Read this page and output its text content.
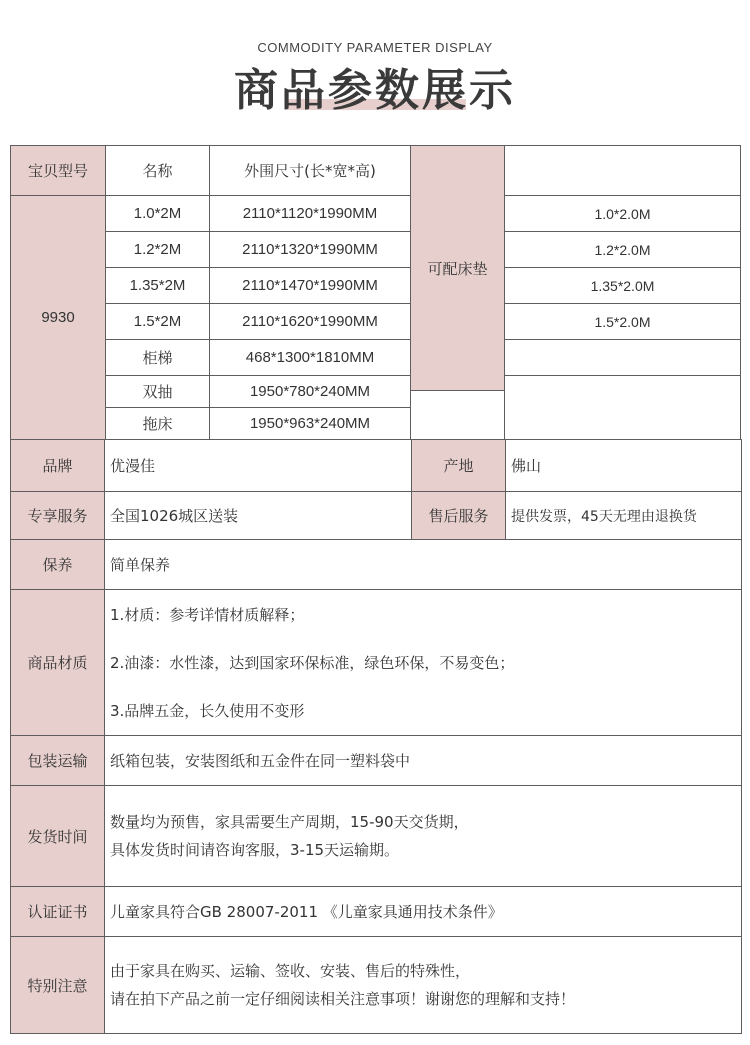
COMMODITY PARAMETER DISPLAY
商品参数展示
宝贝型号	名称	外围尺寸(长*宽*高)
可配床垫
9930
1.0*2M	2110*1120*1990MM	1.0*2.0M
1.2*2M	2110*1320*1990MM	1.2*2.0M
1.35*2M	2110*1470*1990MM	1.35*2.0M
1.5*2M	2110*1620*1990MM	1.5*2.0M
柜梯	468*1300*1810MM
双抽	1950*780*240MM
拖床	1950*963*240MM
品牌	优漫佳	产地	佛山
专享服务	全国1026城区送装	售后服务	提供发票，45天无理由退换货
保养	简单保养		
商品材质	1.材质：参考详情材质解释；
2.油漆：水性漆，达到国家环保标准，绿色环保，不易变色；
3.品牌五金，长久使用不变形		

包装运输	纸箱包装，安装图纸和五金件在同一塑料袋中		
发货时间	数量均为预售，家具需要生产周期，15-90天交货期，
具体发货时间请咨询客服，3-15天运输期。		

认证证书	儿童家具符合GB 28007-2011 《儿童家具通用技术条件》		
特别注意	由于家具在购买、运输、签收、安装、售后的特殊性，
请在拍下产品之前一定仔细阅读相关注意事项！谢谢您的理解和支持！		
